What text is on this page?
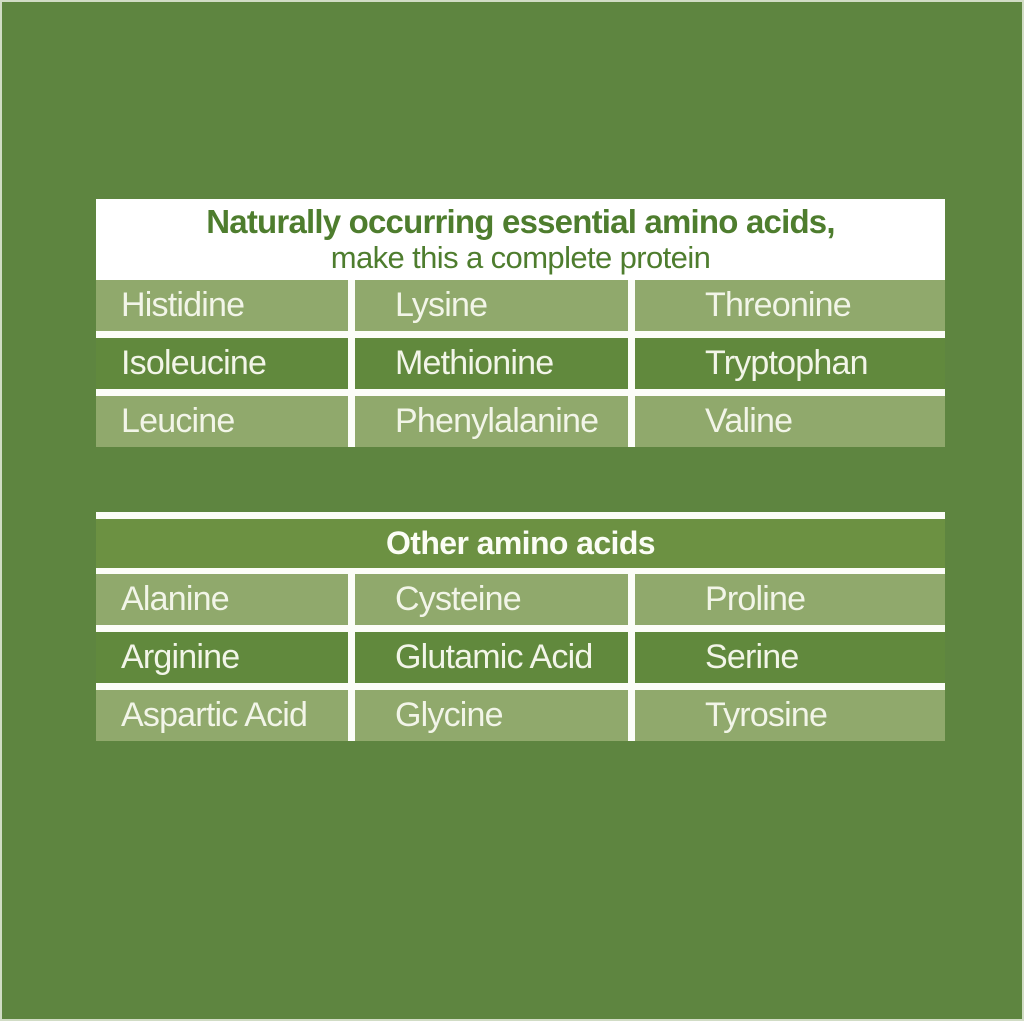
Naturally occurring essential amino acids,
make this a complete protein
Histidine	Lysine	Threonine
Isoleucine	Methionine	Tryptophan
Leucine	Phenylalanine	Valine
Other amino acids
Alanine	Cysteine	Proline
Arginine	Glutamic Acid	Serine
Aspartic Acid	Glycine	Tyrosine
